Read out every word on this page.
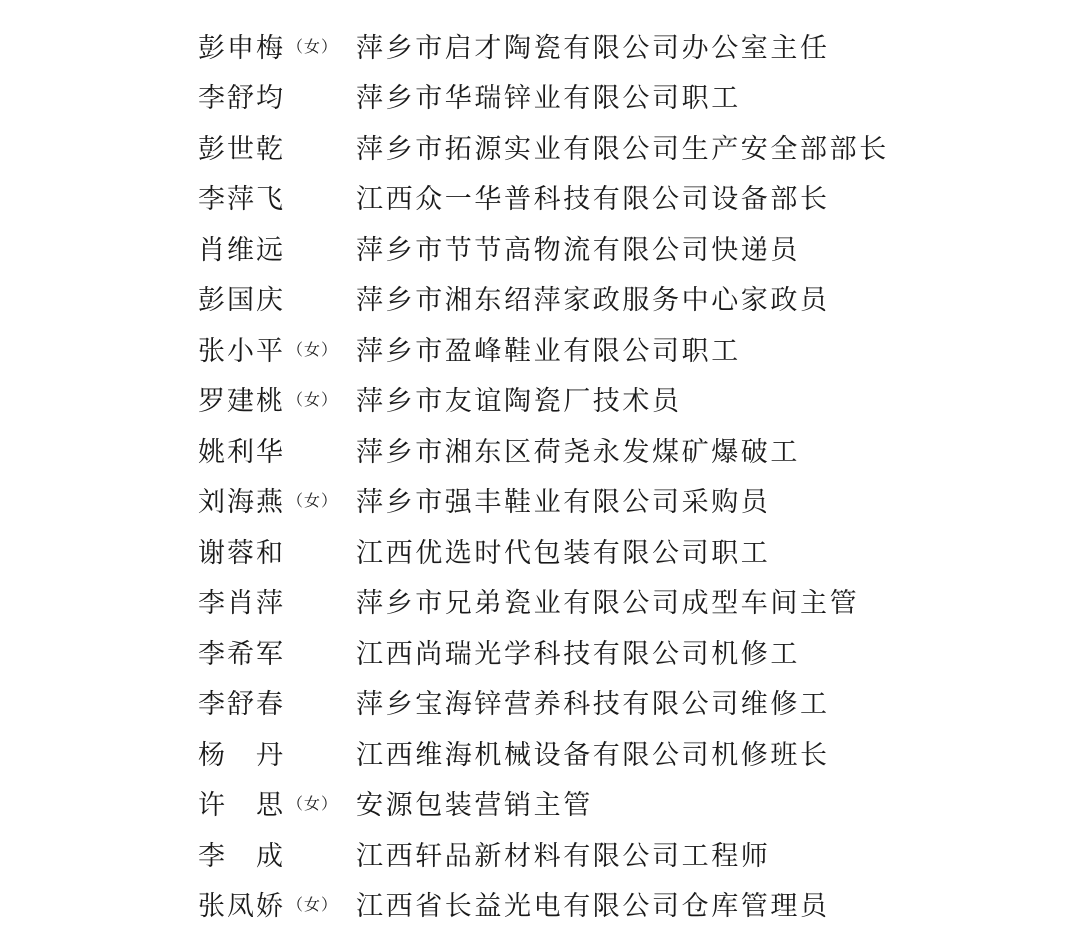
彭申梅 （女） 萍乡市启才陶瓷有限公司办公室主任
李舒均	萍乡市华瑞锌业有限公司职工
彭世乾	萍乡市拓源实业有限公司生产安全部部长
李萍飞	江西众一华普科技有限公司设备部长
肖维远	萍乡市节节高物流有限公司快递员
彭国庆	萍乡市湘东绍萍家政服务中心家政员
张小平 （女） 萍乡市盈峰鞋业有限公司职工
罗建桃 （女） 萍乡市友谊陶瓷厂技术员
姚利华	萍乡市湘东区荷尧永发煤矿爆破工
刘海燕 （女） 萍乡市强丰鞋业有限公司采购员
谢蓉和	江西优选时代包装有限公司职工
李肖萍	萍乡市兄弟瓷业有限公司成型车间主管
李希军	江西尚瑞光学科技有限公司机修工
李舒春	萍乡宝海锌营养科技有限公司维修工
杨　丹	江西维海机械设备有限公司机修班长
许　思 （女） 安源包装营销主管
李　成	江西轩品新材料有限公司工程师
张凤娇 （女） 江西省长益光电有限公司仓库管理员
